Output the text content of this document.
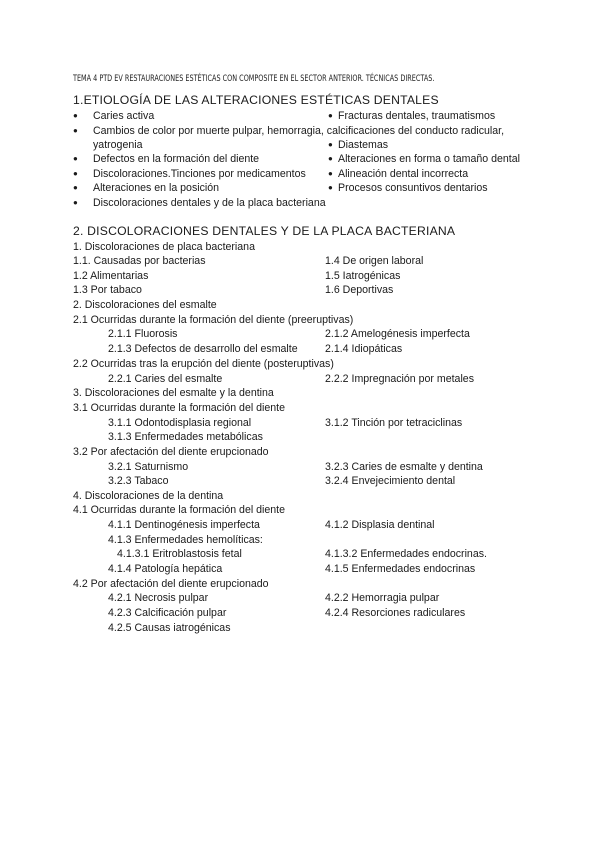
TEMA 4 PTD EV RESTAURACIONES ESTÉTICAS CON COMPOSITE EN EL SECTOR ANTERIOR. TÉCNICAS DIRECTAS.
1.ETIOLOGÍA DE LAS ALTERACIONES ESTÉTICAS DENTALES
● Caries activa
● Cambios de color por muerte pulpar, hemorragia, calcificaciones del conducto radicular,
yatrogenia
● Defectos en la formación del diente
● Discoloraciones.Tinciones por medicamentos
● Alteraciones en la posición
● Discoloraciones dentales y de la placa bacteriana
● Fracturas dentales, traumatismos
● Diastemas
● Alteraciones en forma o tamaño dental
● Alineación dental incorrecta
● Procesos consuntivos dentarios
2. DISCOLORACIONES DENTALES Y DE LA PLACA BACTERIANA
1. Discoloraciones de placa bacteriana
1.1. Causadas por bacterias	1.4 De origen laboral
1.2 Alimentarias	1.5 Iatrogénicas
1.3 Por tabaco	1.6 Deportivas
2. Discoloraciones del esmalte
2.1 Ocurridas durante la formación del diente (preeruptivas)
2.1.1 Fluorosis	2.1.2 Amelogénesis imperfecta
2.1.3 Defectos de desarrollo del esmalte	2.1.4 Idiopáticas
2.2 Ocurridas tras la erupción del diente (posteruptivas)
2.2.1 Caries del esmalte	2.2.2 Impregnación por metales
3. Discoloraciones del esmalte y la dentina
3.1 Ocurridas durante la formación del diente
3.1.1 Odontodisplasia regional	3.1.2 Tinción por tetraciclinas
3.1.3 Enfermedades metabólicas
3.2 Por afectación del diente erupcionado
3.2.1 Saturnismo	3.2.3 Caries de esmalte y dentina
3.2.3 Tabaco	3.2.4 Envejecimiento dental
4. Discoloraciones de la dentina
4.1 Ocurridas durante la formación del diente
4.1.1 Dentinogénesis imperfecta	4.1.2 Displasia dentinal
4.1.3 Enfermedades hemolíticas:
4.1.3.1 Eritroblastosis fetal	4.1.3.2 Enfermedades endocrinas.
4.1.4 Patología hepática	4.1.5 Enfermedades endocrinas
4.2 Por afectación del diente erupcionado
4.2.1 Necrosis pulpar	4.2.2 Hemorragia pulpar
4.2.3 Calcificación pulpar	4.2.4 Resorciones radiculares
4.2.5 Causas iatrogénicas
